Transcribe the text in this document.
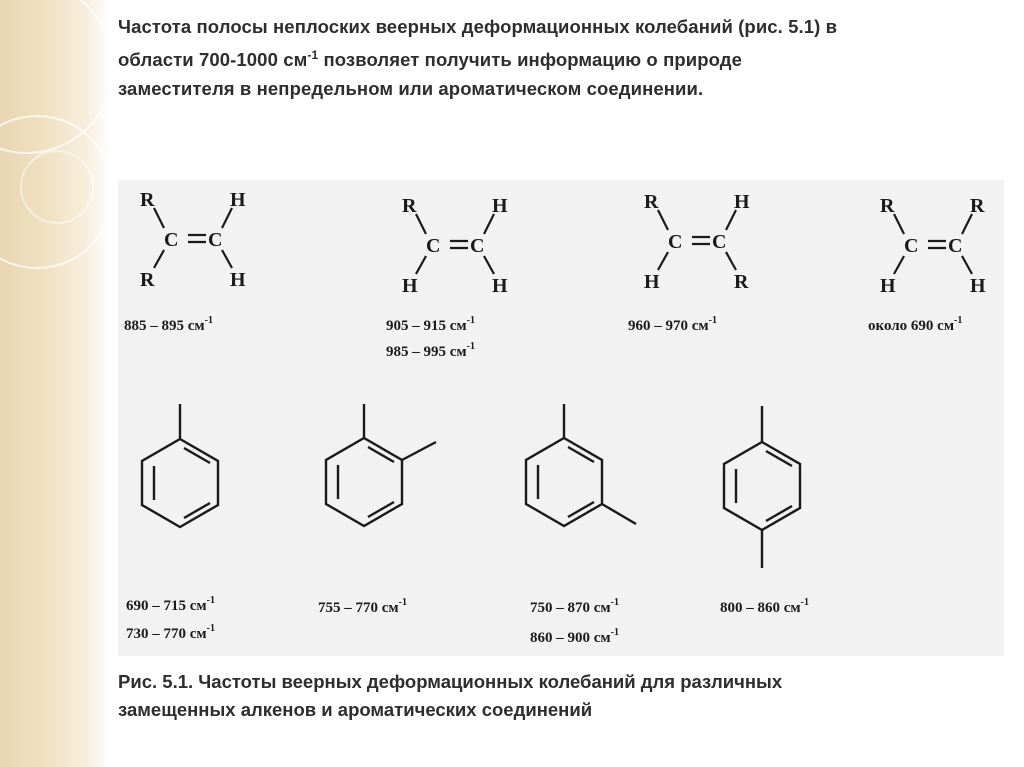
Частота полосы неплоских веерных деформационных колебаний (рис. 5.1) в
области 700-1000 $см^{-1}$ позволяет получить информацию о природе
заместителя в непредельном или ароматическом соединении.
R	H
R	H
C C
885 – 895 $см^{-1}$
R	H
H	H
C C
905 – 915 $см^{-1}$
985 – 995 $см^{-1}$
R	H
H	R
C C
960 – 970 $см^{-1}$
R	R
H	H
C C
около 690 $см^{-1}$
690 – 715 $см^{-1}$
730 – 770 $см^{-1}$
755 – 770 $см^{-1}$	750 – 870 $см^{-1}$
860 – 900 $см^{-1}$
800 – 860 $см^{-1}$
Рис. 5.1. Частоты веерных деформационных колебаний для различных
замещенных алкенов и ароматических соединений
